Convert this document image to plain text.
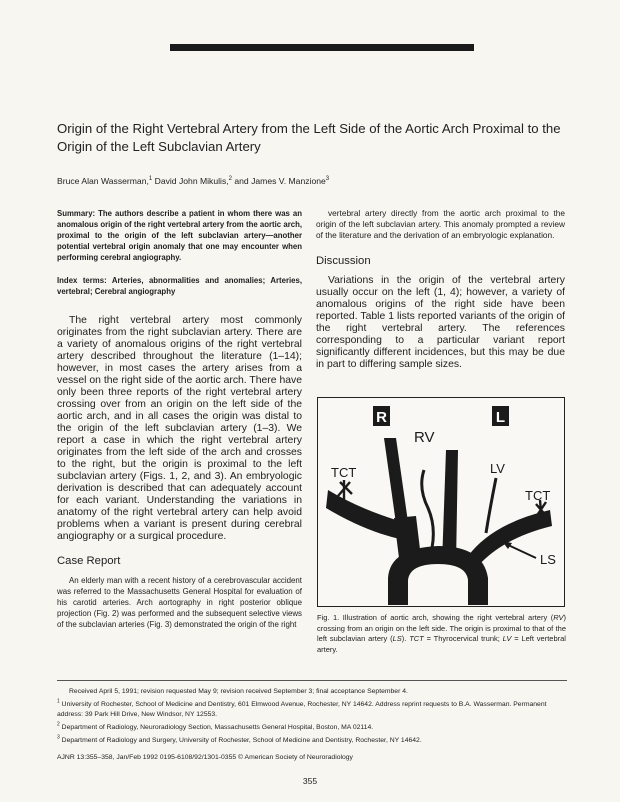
Origin of the Right Vertebral Artery from the Left Side of the Aortic Arch Proximal to the Origin of the Left Subclavian Artery
Bruce Alan Wasserman,$^1$ David John Mikulis,$^2$ and James V. Manzione$^3$

Summary: The authors describe a patient in whom there was an anomalous origin of the right vertebral artery from the aortic arch, proximal to the origin of the left subclavian artery—another potential vertebral origin anomaly that one may encounter when performing cerebral angiography.

Index terms: Arteries, abnormalities and anomalies; Arteries, vertebral; Cerebral angiography

The right vertebral artery most commonly originates from the right subclavian artery. There are a variety of anomalous origins of the right vertebral artery described throughout the literature (1–14); however, in most cases the artery arises from a vessel on the right side of the aortic arch. There have only been three reports of the right vertebral artery crossing over from an origin on the left side of the aortic arch, and in all cases the origin was distal to the origin of the left subclavian artery (1–3). We report a case in which the right vertebral artery originates from the left side of the arch and crosses to the right, but the origin is proximal to the left subclavian artery (Figs. 1, 2, and 3). An embryologic derivation is described that can adequately account for each variant. Understanding the variations in anatomy of the right vertebral artery can help avoid problems when a variant is present during cerebral angiography or a surgical procedure.

Case Report

An elderly man with a recent history of a cerebrovascular accident was referred to the Massachusetts General Hospital for evaluation of his carotid arteries. Arch aortography in right posterior oblique projection (Fig. 2) was performed and the subsequent selective views of the subclavian arteries (Fig. 3) demonstrated the origin of the right

vertebral artery directly from the aortic arch proximal to the origin of the left subclavian artery. This anomaly prompted a review of the literature and the derivation of an embryologic explanation.

Discussion

Variations in the origin of the vertebral artery usually occur on the left (1, 4); however, a variety of anomalous origins of the right side have been reported. Table 1 lists reported variants of the origin of the right vertebral artery. The references corresponding to a particular variant report significantly different incidences, but this may be due in part to differing sample sizes.

R	L
RV
TCT	LV
TCT
LS

Fig. 1. Illustration of aortic arch, showing the right vertebral artery (RV) crossing from an origin on the left side. The origin is proximal to that of the left subclavian artery (LS). TCT = Thyrocervical trunk; LV = Left vertebral artery.

Received April 5, 1991; revision requested May 9; revision received September 3; final acceptance September 4.

$^1$ University of Rochester, School of Medicine and Dentistry, 601 Elmwood Avenue, Rochester, NY 14642. Address reprint requests to B.A. Wasserman. Permanent address: 39 Park Hill Drive, New Windsor, NY 12553.

$^2$ Department of Radiology, Neuroradiology Section, Massachusetts General Hospital, Boston, MA 02114.

$^3$ Department of Radiology and Surgery, University of Rochester, School of Medicine and Dentistry, Rochester, NY 14642.

AJNR 13:355–358, Jan/Feb 1992 0195-6108/92/1301-0355 © American Society of Neuroradiology

355
